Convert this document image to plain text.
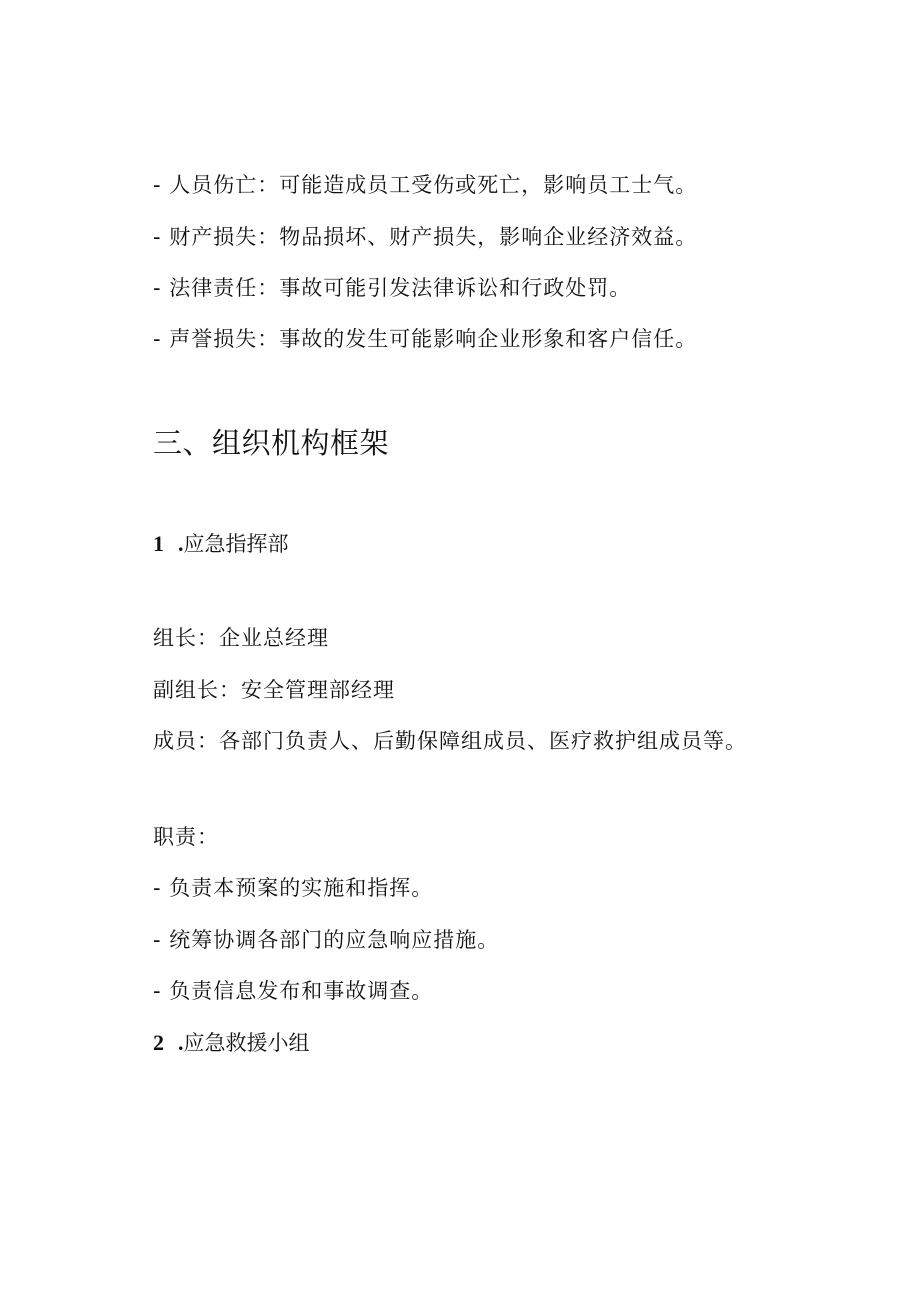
- 人员伤亡：可能造成员工受伤或死亡，影响员工士气。
- 财产损失：物品损坏、财产损失，影响企业经济效益。
- 法律责任：事故可能引发法律诉讼和行政处罚。
- 声誉损失：事故的发生可能影响企业形象和客户信任。
三、组织机构框架
1 .应急指挥部
组长：企业总经理
副组长：安全管理部经理
成员：各部门负责人、后勤保障组成员、医疗救护组成员等。
职责：
- 负责本预案的实施和指挥。
- 统筹协调各部门的应急响应措施。
- 负责信息发布和事故调查。
2 .应急救援小组
